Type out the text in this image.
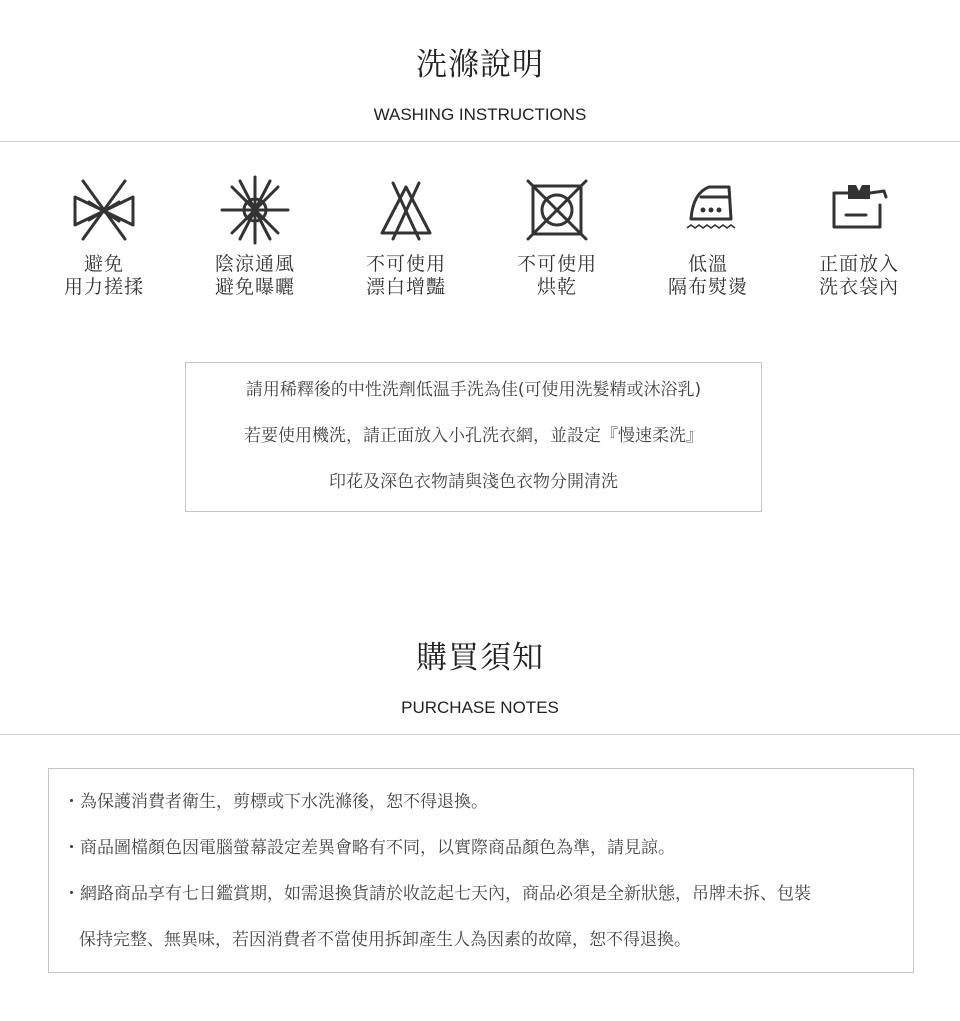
洗滌說明
WASHING INSTRUCTIONS
避免
用力搓揉
陰涼通風
避免曝曬
不可使用
漂白增豔
不可使用
烘乾
低溫
隔布熨燙
正面放入
洗衣袋內
請用稀釋後的中性洗劑低温手洗為佳(可使用洗髮精或沐浴乳)
若要使用機洗，請正面放入小孔洗衣網，並設定『慢速柔洗』
印花及深色衣物請與淺色衣物分開清洗
購買須知
PURCHASE NOTES
・為保護消費者衛生，剪標或下水洗滌後，恕不得退換。
・商品圖檔顏色因電腦螢幕設定差異會略有不同，以實際商品顏色為準，請見諒。
・網路商品享有七日鑑賞期，如需退換貨請於收訖起七天內，商品必須是全新狀態，吊牌未拆、包裝
保持完整、無異味，若因消費者不當使用拆卸產生人為因素的故障，恕不得退換。
